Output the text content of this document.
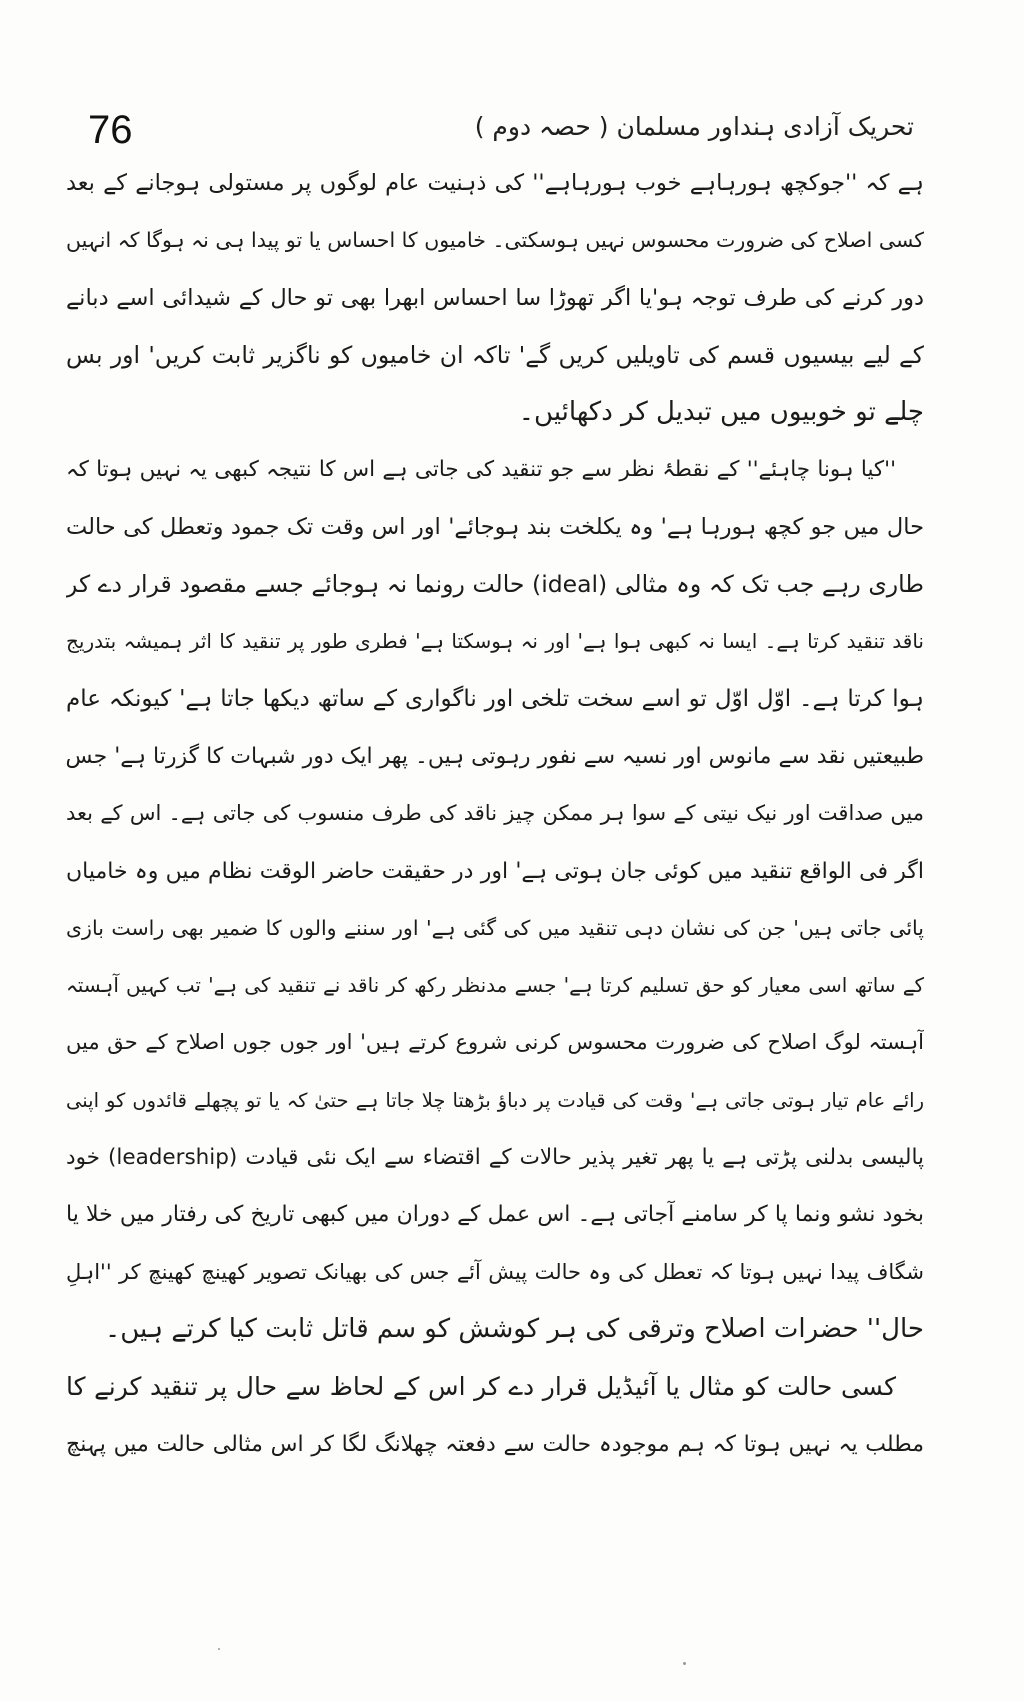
76	تحریک آزادی ہنداور مسلمان ( حصہ دوم )
ہے کہ ''جوکچھ ہورہاہے خوب ہورہاہے'' کی ذہنیت عام لوگوں پر مستولی ہوجانے کے بعد
کسی اصلاح کی ضرورت محسوس نہیں ہوسکتی۔ خامیوں کا احساس یا تو پیدا ہی نہ ہوگا کہ انہیں
دور کرنے کی طرف توجہ ہو'یا اگر تھوڑا سا احساس ابھرا بھی تو حال کے شیدائی اسے دبانے
کے لیے بیسیوں قسم کی تاویلیں کریں گے' تاکہ ان خامیوں کو ناگزیر ثابت کریں' اور بس
چلے تو خوبیوں میں تبدیل کر دکھائیں۔
''کیا ہونا چاہئے'' کے نقطۂ نظر سے جو تنقید کی جاتی ہے اس کا نتیجہ کبھی یہ نہیں ہوتا کہ
حال میں جو کچھ ہورہا ہے' وہ یکلخت بند ہوجائے' اور اس وقت تک جمود وتعطل کی حالت
طاری رہے جب تک کہ وہ مثالی (ideal) حالت رونما نہ ہوجائے جسے مقصود قرار دے کر
ناقد تنقید کرتا ہے۔ ایسا نہ کبھی ہوا ہے' اور نہ ہوسکتا ہے' فطری طور پر تنقید کا اثر ہمیشہ بتدریج
ہوا کرتا ہے۔ اوّل اوّل تو اسے سخت تلخی اور ناگواری کے ساتھ دیکھا جاتا ہے' کیونکہ عام
طبیعتیں نقد سے مانوس اور نسیہ سے نفور رہوتی ہیں۔ پھر ایک دور شبہات کا گزرتا ہے' جس
میں صداقت اور نیک نیتی کے سوا ہر ممکن چیز ناقد کی طرف منسوب کی جاتی ہے۔ اس کے بعد
اگر فی الواقع تنقید میں کوئی جان ہوتی ہے' اور در حقیقت حاضر الوقت نظام میں وہ خامیاں
پائی جاتی ہیں' جن کی نشان دہی تنقید میں کی گئی ہے' اور سننے والوں کا ضمیر بھی راست بازی
کے ساتھ اسی معیار کو حق تسلیم کرتا ہے' جسے مدنظر رکھ کر ناقد نے تنقید کی ہے' تب کہیں آہستہ
آہستہ لوگ اصلاح کی ضرورت محسوس کرنی شروع کرتے ہیں' اور جوں جوں اصلاح کے حق میں
رائے عام تیار ہوتی جاتی ہے' وقت کی قیادت پر دباؤ بڑھتا چلا جاتا ہے حتیٰ کہ یا تو پچھلے قائدوں کو اپنی
پالیسی بدلنی پڑتی ہے یا پھر تغیر پذیر حالات کے اقتضاء سے ایک نئی قیادت (leadership) خود
بخود نشو ونما پا کر سامنے آجاتی ہے۔ اس عمل کے دوران میں کبھی تاریخ کی رفتار میں خلا یا
شگاف پیدا نہیں ہوتا کہ تعطل کی وہ حالت پیش آئے جس کی بھیانک تصویر کھینچ کھینچ کر ''اہلِ
حال'' حضرات اصلاح وترقی کی ہر کوشش کو سم قاتل ثابت کیا کرتے ہیں۔
کسی حالت کو مثال یا آئیڈیل قرار دے کر اس کے لحاظ سے حال پر تنقید کرنے کا
مطلب یہ نہیں ہوتا کہ ہم موجودہ حالت سے دفعتہ چھلانگ لگا کر اس مثالی حالت میں پہنچ
